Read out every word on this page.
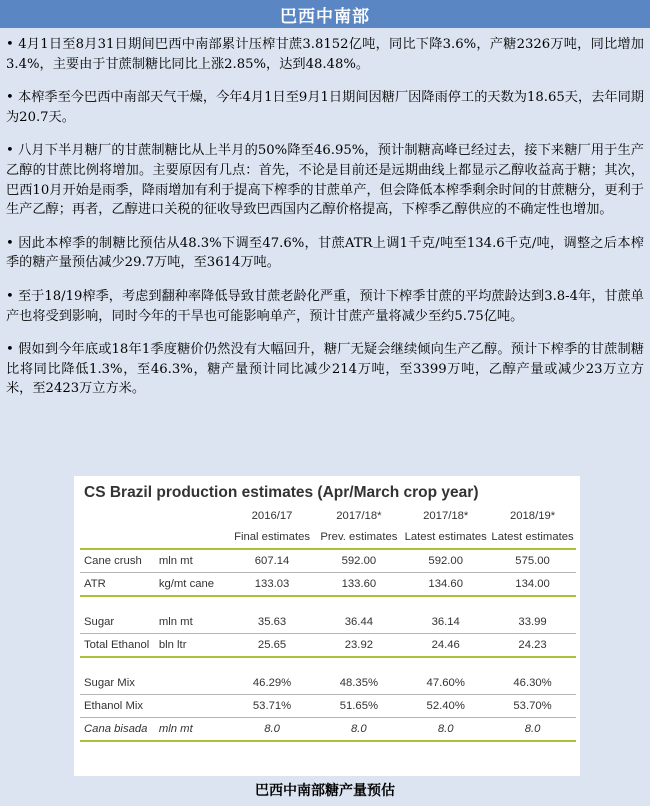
巴西中南部

• 4月1日至8月31日期间巴西中南部累计压榨甘蔗3.8152亿吨，同比下降3.6%，产糖2326万吨，同比增加3.4%，主要由于甘蔗制糖比同比上涨2.85%，达到48.48%。

• 本榨季至今巴西中南部天气干燥，今年4月1日至9月1日期间因糖厂因降雨停工的天数为18.65天，去年同期为20.7天。

• 八月下半月糖厂的甘蔗制糖比从上半月的50%降至46.95%，预计制糖高峰已经过去，接下来糖厂用于生产乙醇的甘蔗比例将增加。主要原因有几点：首先，不论是目前还是远期曲线上都显示乙醇收益高于糖；其次，巴西10月开始是雨季，降雨增加有利于提高下榨季的甘蔗单产，但会降低本榨季剩余时间的甘蔗糖分，更利于生产乙醇；再者，乙醇进口关税的征收导致巴西国内乙醇价格提高，下榨季乙醇供应的不确定性也增加。

• 因此本榨季的制糖比预估从48.3%下调至47.6%，甘蔗ATR上调1千克/吨至134.6千克/吨，调整之后本榨季的糖产量预估减少29.7万吨，至3614万吨。

• 至于18/19榨季，考虑到翻种率降低导致甘蔗老龄化严重，预计下榨季甘蔗的平均蔗龄达到3.8-4年，甘蔗单产也将受到影响，同时今年的干旱也可能影响单产，预计甘蔗产量将减少至约5.75亿吨。

• 假如到今年底或18年1季度糖价仍然没有大幅回升，糖厂无疑会继续倾向生产乙醇。预计下榨季的甘蔗制糖比将同比降低1.3%，至46.3%，糖产量预计同比减少214万吨，至3399万吨，乙醇产量或减少23万立方米，至2423万立方米。

CS Brazil production estimates (Apr/March crop year)
		2016/17	2017/18*	2017/18*	2018/19*
		Final estimates	Prev. estimates	Latest estimates	Latest estimates
Cane crush	mln mt	607.14	592.00	592.00	575.00
ATR	kg/mt cane	133.03	133.60	134.60	134.00

Sugar	mln mt	35.63	36.44	36.14	33.99
Total Ethanol	bln ltr	25.65	23.92	24.46	24.23

Sugar Mix		46.29%	48.35%	47.60%	46.30%
Ethanol Mix		53.71%	51.65%	52.40%	53.70%
Cana bisada	mln mt	8.0	8.0	8.0	8.0
巴西中南部糖产量预估
